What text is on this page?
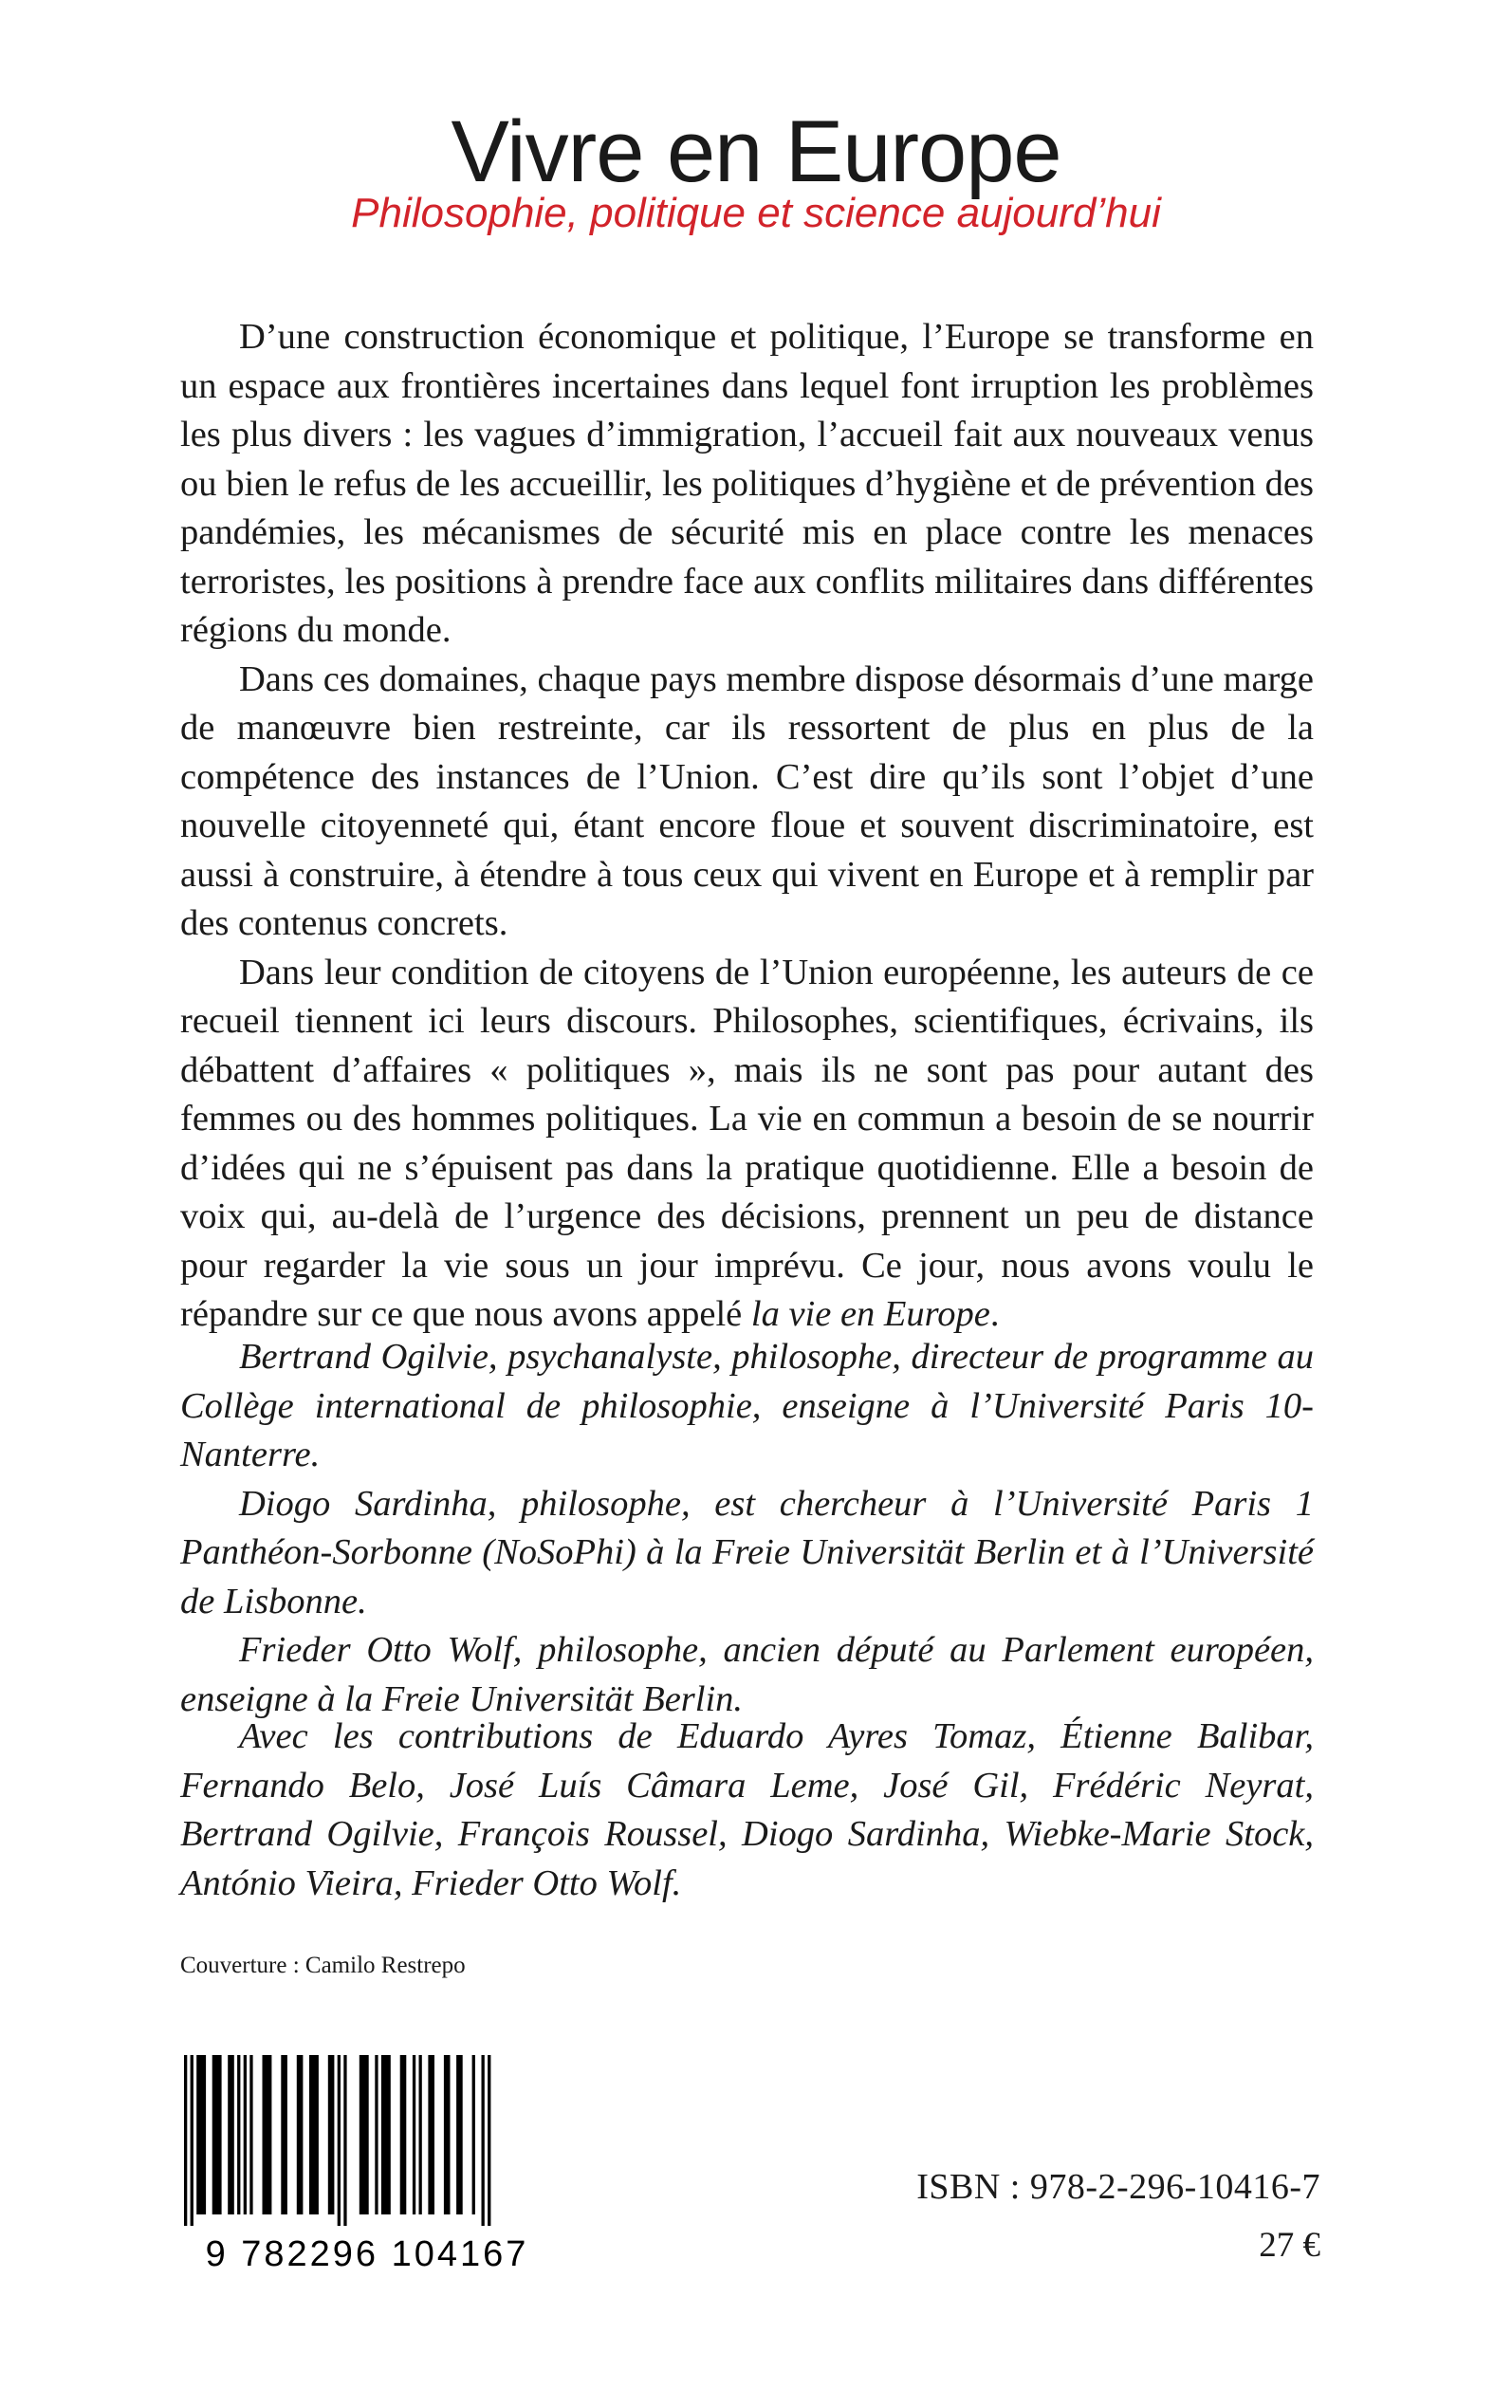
Vivre en Europe
Philosophie, politique et science aujourd’hui

D’une construction économique et politique, l’Europe se transforme en un espace aux frontières incertaines dans lequel font irruption les problèmes les plus divers : les vagues d’immigration, l’accueil fait aux nouveaux venus ou bien le refus de les accueillir, les politiques d’hygiène et de prévention des pandémies, les mécanismes de sécurité mis en place contre les menaces terroristes, les positions à prendre face aux conflits militaires dans différentes régions du monde.

Dans ces domaines, chaque pays membre dispose désormais d’une marge de manœuvre bien restreinte, car ils ressortent de plus en plus de la compétence des instances de l’Union. C’est dire qu’ils sont l’objet d’une nouvelle citoyenneté qui, étant encore floue et souvent discriminatoire, est aussi à construire, à étendre à tous ceux qui vivent en Europe et à remplir par des contenus concrets.

Dans leur condition de citoyens de l’Union européenne, les auteurs de ce recueil tiennent ici leurs discours. Philosophes, scientifiques, écrivains, ils débattent d’affaires « politiques », mais ils ne sont pas pour autant des femmes ou des hommes politiques. La vie en commun a besoin de se nourrir d’idées qui ne s’épuisent pas dans la pratique quotidienne. Elle a besoin de voix qui, au-delà de l’urgence des décisions, prennent un peu de distance pour regarder la vie sous un jour imprévu. Ce jour, nous avons voulu le répandre sur ce que nous avons appelé la vie en Europe.

Bertrand Ogilvie, psychanalyste, philosophe, directeur de programme au Collège international de philosophie, enseigne à l’Université Paris 10-Nanterre.

Diogo Sardinha, philosophe, est chercheur à l’Université Paris 1 Panthéon-Sorbonne (NoSoPhi) à la Freie Universität Berlin et à l’Université de Lisbonne.

Frieder Otto Wolf, philosophe, ancien député au Parlement européen, enseigne à la Freie Universität Berlin.

Avec les contributions de Eduardo Ayres Tomaz, Étienne Balibar, Fernando Belo, José Luís Câmara Leme, José Gil, Frédéric Neyrat, Bertrand Ogilvie, François Roussel, Diogo Sardinha, Wiebke-Marie Stock, António Vieira, Frieder Otto Wolf.

Couverture : Camilo Restrepo
9 782296 104167
ISBN : 978-2-296-10416-7
27 €
